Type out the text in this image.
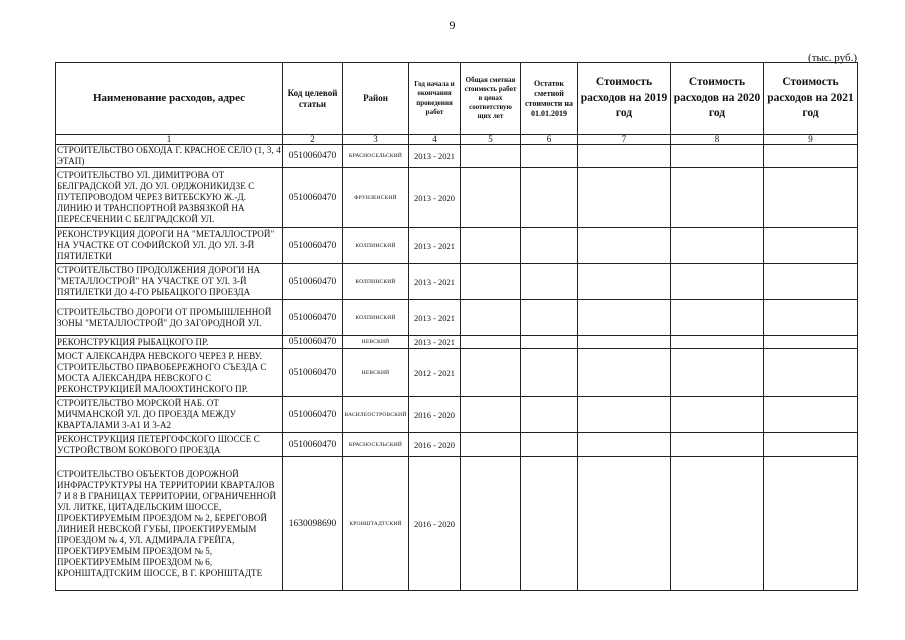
9
(тыс. руб.)
Наименование расходов, адрес	Код целевой статьи	Район	Год начала и окончания проведения работ	Общая сметная стоимость работ в ценах соответствую щих лет	Остаток сметной стоимости на 01.01.2019	Стоимость расходов на 2019 год	Стоимость расходов на 2020 год	Стоимость расходов на 2021 год
1	2	3	4	5	6	7	8	9
СТРОИТЕЛЬСТВО ОБХОДА Г. КРАСНОЕ СЕЛО (1, 3, 4 ЭТАП)	0510060470	КРАСНОСЕЛЬСКИЙ	2013 - 2021					
СТРОИТЕЛЬСТВО УЛ. ДИМИТРОВА ОТ БЕЛГРАДСКОЙ УЛ. ДО УЛ. ОРДЖОНИКИДЗЕ С ПУТЕПРОВОДОМ ЧЕРЕЗ ВИТЕБСКУЮ Ж.-Д. ЛИНИЮ И ТРАНСПОРТНОЙ РАЗВЯЗКОЙ НА ПЕРЕСЕЧЕНИИ С БЕЛГРАДСКОЙ УЛ.	0510060470	ФРУНЗЕНСКИЙ	2013 - 2020					
РЕКОНСТРУКЦИЯ ДОРОГИ НА "МЕТАЛЛОСТРОЙ" НА УЧАСТКЕ ОТ СОФИЙСКОЙ УЛ. ДО УЛ. 3-Й ПЯТИЛЕТКИ	0510060470	КОЛПИНСКИЙ	2013 - 2021					
СТРОИТЕЛЬСТВО ПРОДОЛЖЕНИЯ ДОРОГИ НА "МЕТАЛЛОСТРОЙ" НА УЧАСТКЕ ОТ УЛ. 3-Й ПЯТИЛЕТКИ ДО 4-ГО РЫБАЦКОГО ПРОЕЗДА	0510060470	КОЛПИНСКИЙ	2013 - 2021					
СТРОИТЕЛЬСТВО ДОРОГИ ОТ ПРОМЫШЛЕННОЙ ЗОНЫ "МЕТАЛЛОСТРОЙ" ДО ЗАГОРОДНОЙ УЛ.	0510060470	КОЛПИНСКИЙ	2013 - 2021					
РЕКОНСТРУКЦИЯ РЫБАЦКОГО ПР.	0510060470	НЕВСКИЙ	2013 - 2021					
МОСТ АЛЕКСАНДРА НЕВСКОГО ЧЕРЕЗ Р. НЕВУ. СТРОИТЕЛЬСТВО ПРАВОБЕРЕЖНОГО СЪЕЗДА С МОСТА АЛЕКСАНДРА НЕВСКОГО С РЕКОНСТРУКЦИЕЙ МАЛООХТИНСКОГО ПР.	0510060470	НЕВСКИЙ	2012 - 2021					
СТРОИТЕЛЬСТВО МОРСКОЙ НАБ. ОТ МИЧМАНСКОЙ УЛ. ДО ПРОЕЗДА МЕЖДУ КВАРТАЛАМИ 3-А1 И 3-А2	0510060470	ВАСИЛЕОСТРОВСКИЙ	2016 - 2020					
РЕКОНСТРУКЦИЯ ПЕТЕРГОФСКОГО ШОССЕ С УСТРОЙСТВОМ БОКОВОГО ПРОЕЗДА	0510060470	КРАСНОСЕЛЬСКИЙ	2016 - 2020					
СТРОИТЕЛЬСТВО ОБЪЕКТОВ ДОРОЖНОЙ ИНФРАСТРУКТУРЫ НА ТЕРРИТОРИИ КВАРТАЛОВ 7 И 8 В ГРАНИЦАХ ТЕРРИТОРИИ, ОГРАНИЧЕННОЙ УЛ. ЛИТКЕ, ЦИТАДЕЛЬСКИМ ШОССЕ, ПРОЕКТИРУЕМЫМ ПРОЕЗДОМ № 2, БЕРЕГОВОЙ ЛИНИЕЙ НЕВСКОЙ ГУБЫ, ПРОЕКТИРУЕМЫМ ПРОЕЗДОМ № 4, УЛ. АДМИРАЛА ГРЕЙГА, ПРОЕКТИРУЕМЫМ ПРОЕЗДОМ № 5, ПРОЕКТИРУЕМЫМ ПРОЕЗДОМ № 6, КРОНШТАДТСКИМ ШОССЕ, В Г. КРОНШТАДТЕ	1630098690	КРОНШТАДТСКИЙ	2016 - 2020					
